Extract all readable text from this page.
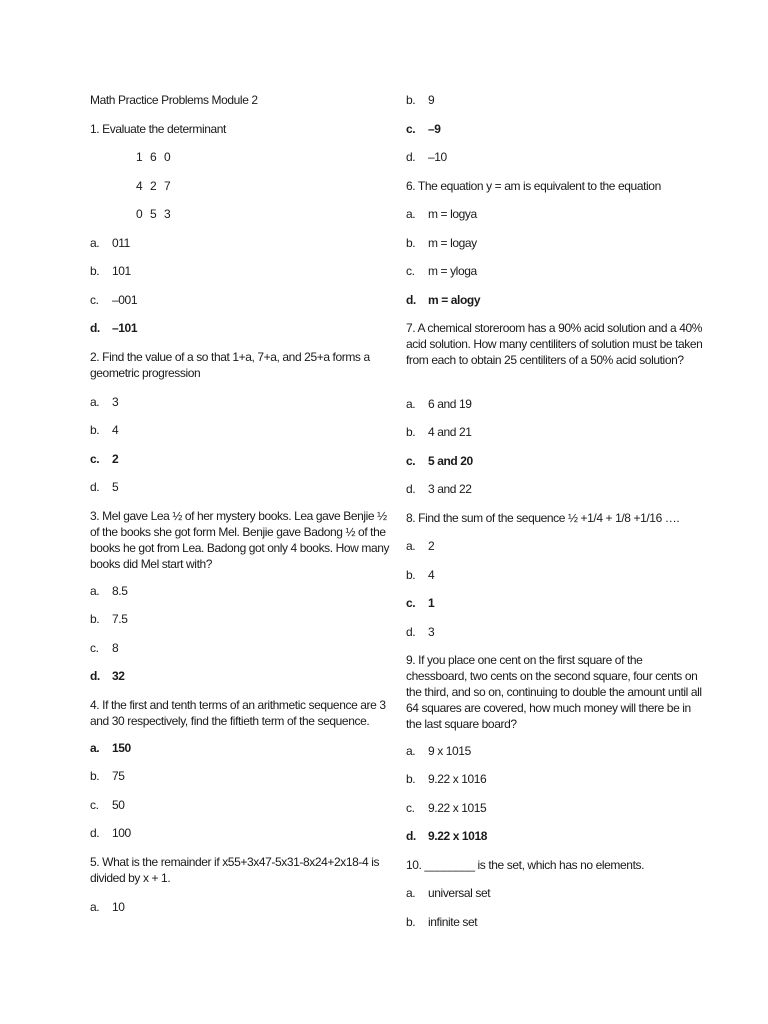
Math Practice Problems Module 2
1. Evaluate the determinant
1 6 0
4 2 7
0 5 3
a. 011
b. 101
c. –001
d. –101
2. Find the value of a so that 1+a, 7+a, and 25+a forms a geometric progression
a. 3
b. 4
c. 2
d. 5
3. Mel gave Lea ½ of her mystery books. Lea gave Benjie ½ of the books she got form Mel. Benjie gave Badong ½ of the books he got from Lea. Badong got only 4 books. How many books did Mel start with?
a. 8.5
b. 7.5
c. 8
d. 32
4. If the first and tenth terms of an arithmetic sequence are 3 and 30 respectively, find the fiftieth term of the sequence.
a. 150
b. 75
c. 50
d. 100
5. What is the remainder if x55+3x47-5x31-8x24+2x18-4 is divided by x + 1.
a. 10
b. 9
c. –9
d. –10
6. The equation y = am is equivalent to the equation
a. m = logya
b. m = logay
c. m = yloga
d. m = alogy
7. A chemical storeroom has a 90% acid solution and a 40% acid solution. How many centiliters of solution must be taken from each to obtain 25 centiliters of a 50% acid solution?
a. 6 and 19
b. 4 and 21
c. 5 and 20
d. 3 and 22
8. Find the sum of the sequence ½ +1/4 + 1/8 +1/16 ….
a. 2
b. 4
c. 1
d. 3
9. If you place one cent on the first square of the chessboard, two cents on the second square, four cents on the third, and so on, continuing to double the amount until all 64 squares are covered, how much money will there be in the last square board?
a. 9 x 1015
b. 9.22 x 1016
c. 9.22 x 1015
d. 9.22 x 1018
10. ________ is the set, which has no elements.
a. universal set
b. infinite set
